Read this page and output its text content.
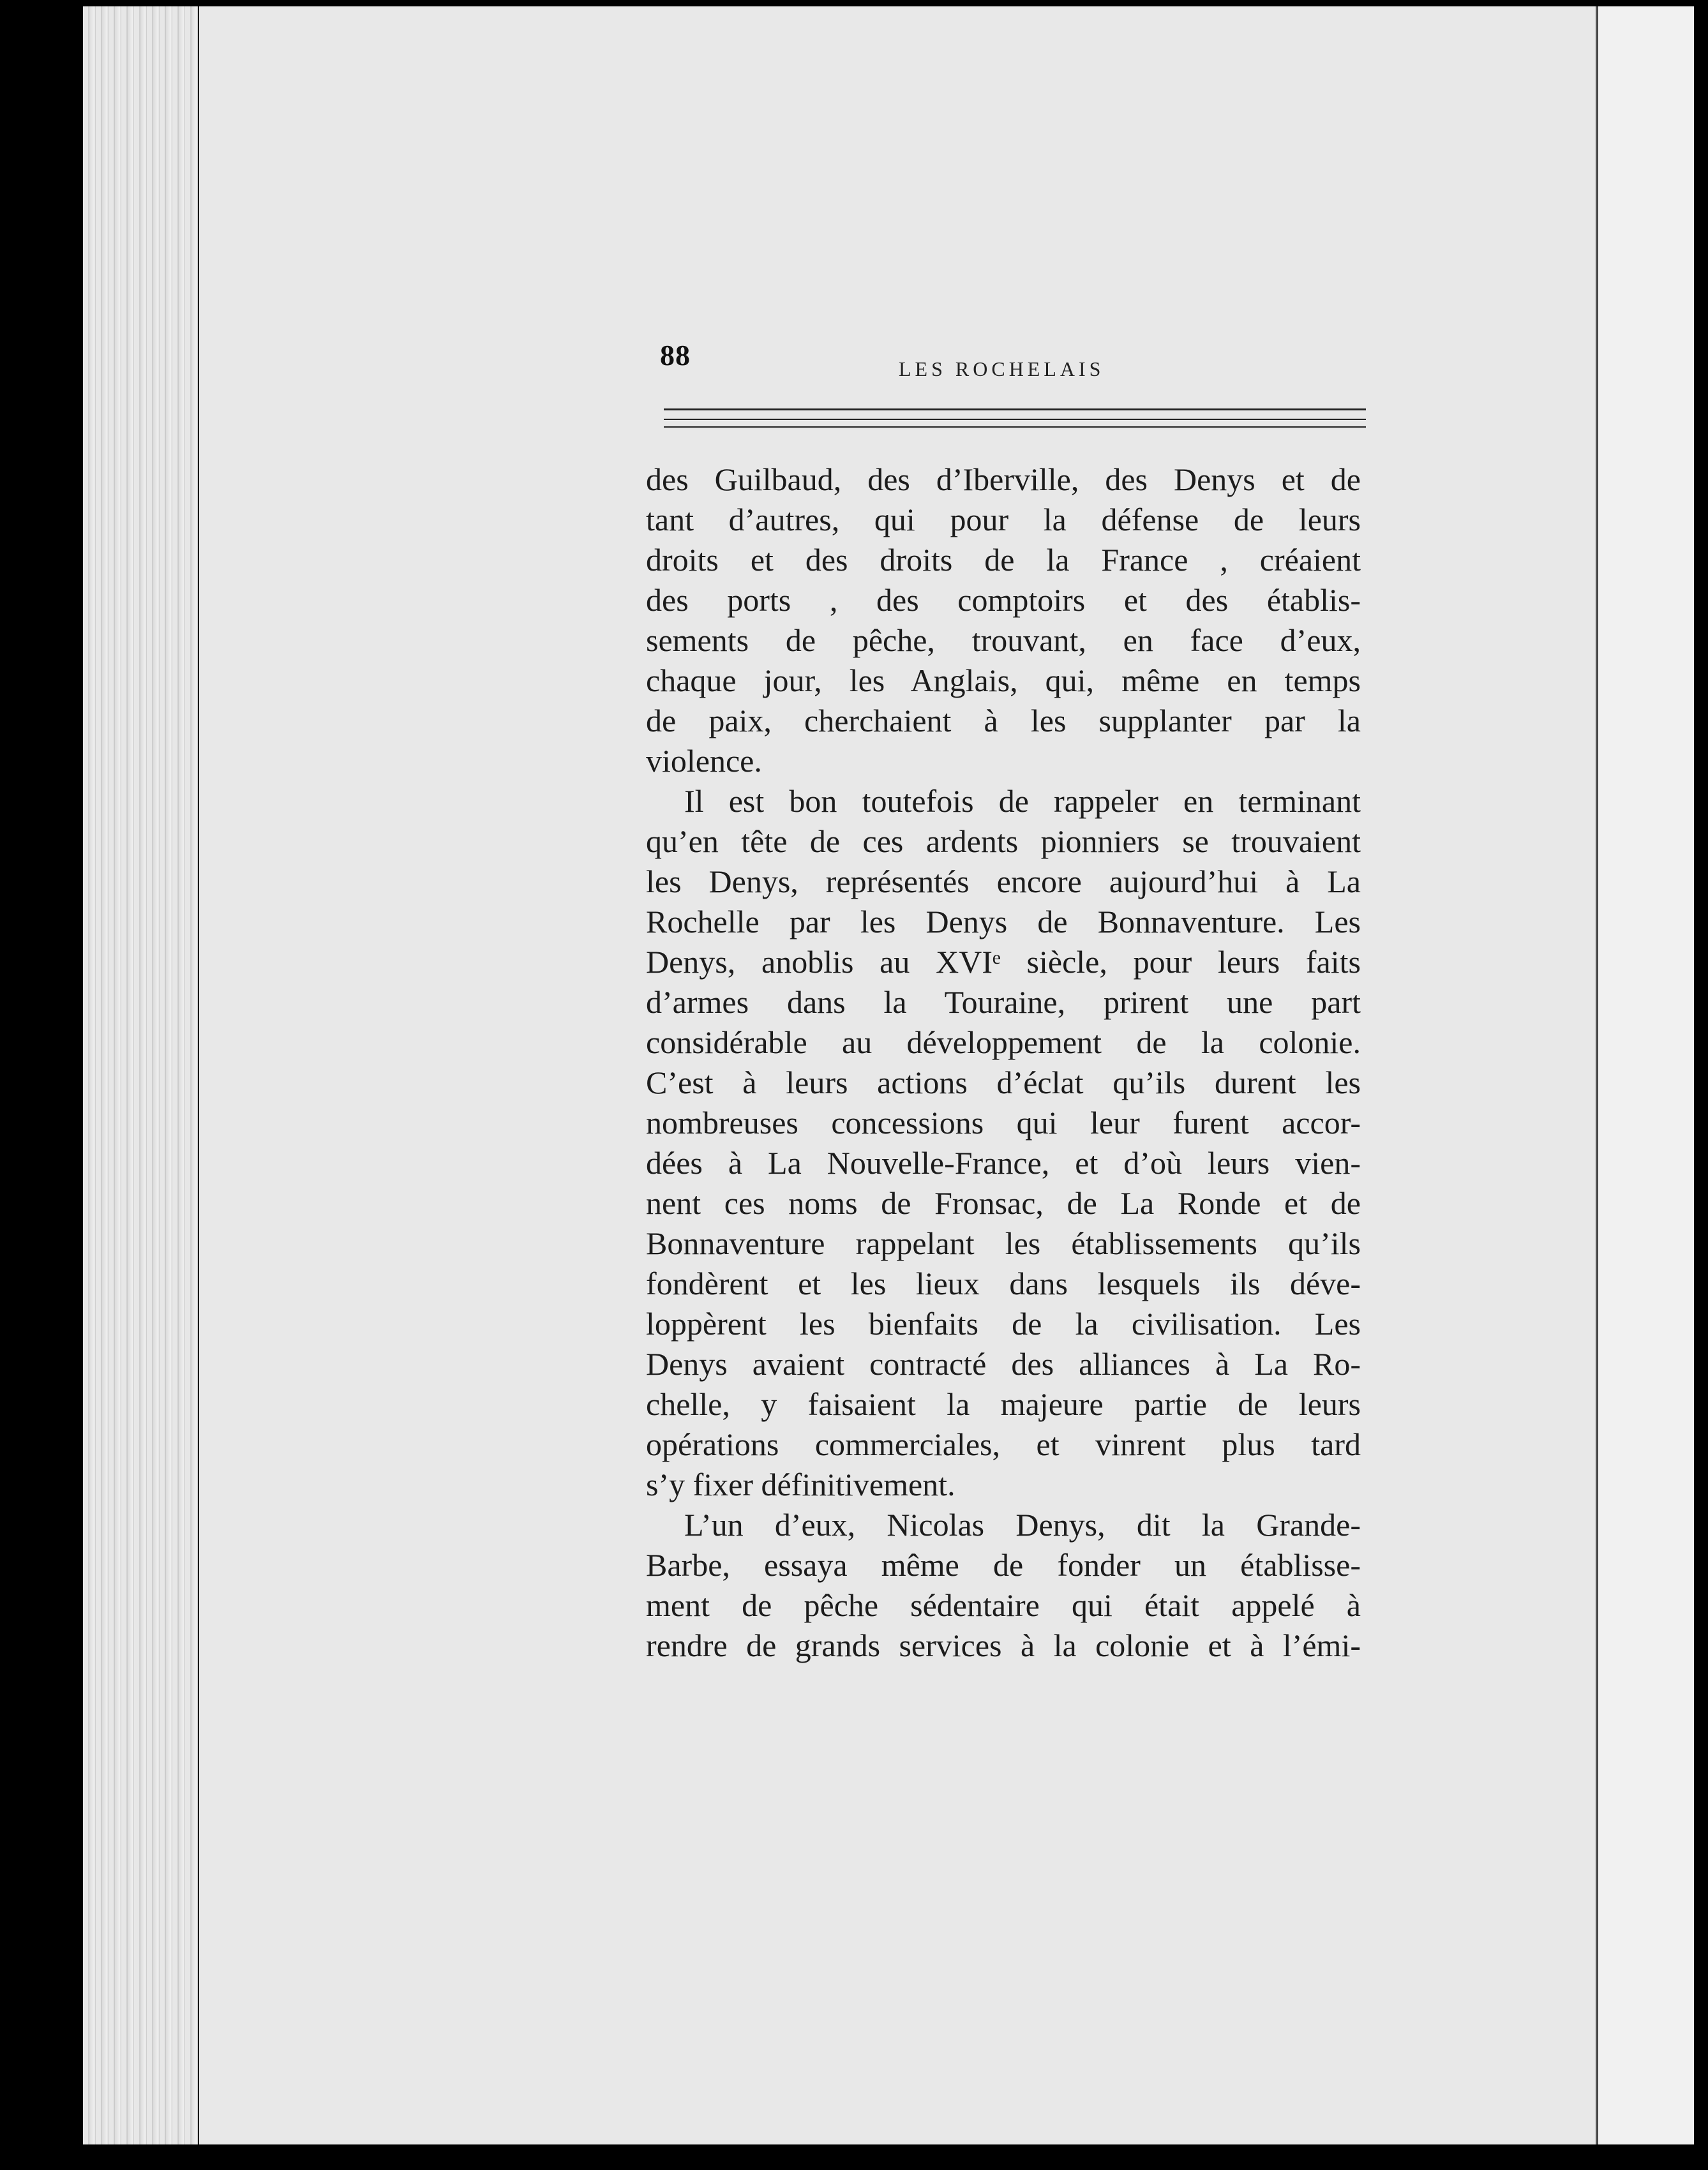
88	LES ROCHELAIS
des Guilbaud, des d’Iberville, des Denys et de
tant d’autres, qui pour la défense de leurs
droits et des droits de la France , créaient
des ports , des comptoirs et des établis-
sements de pêche, trouvant, en face d’eux,
chaque jour, les Anglais, qui, même en temps
de paix, cherchaient à les supplanter par la
violence.
Il est bon toutefois de rappeler en terminant
qu’en tête de ces ardents pionniers se trouvaient
les Denys, représentés encore aujourd’hui à La
Rochelle par les Denys de Bonnaventure. Les
Denys, anoblis au XVIᵉ siècle, pour leurs faits
d’armes dans la Touraine, prirent une part
considérable au développement de la colonie.
C’est à leurs actions d’éclat qu’ils durent les
nombreuses concessions qui leur furent accor-
dées à La Nouvelle-France, et d’où leurs vien-
nent ces noms de Fronsac, de La Ronde et de
Bonnaventure rappelant les établissements qu’ils
fondèrent et les lieux dans lesquels ils déve-
loppèrent les bienfaits de la civilisation. Les
Denys avaient contracté des alliances à La Ro-
chelle, y faisaient la majeure partie de leurs
opérations commerciales, et vinrent plus tard
s’y fixer définitivement.
L’un d’eux, Nicolas Denys, dit la Grande-
Barbe, essaya même de fonder un établisse-
ment de pêche sédentaire qui était appelé à
rendre de grands services à la colonie et à l’émi-
